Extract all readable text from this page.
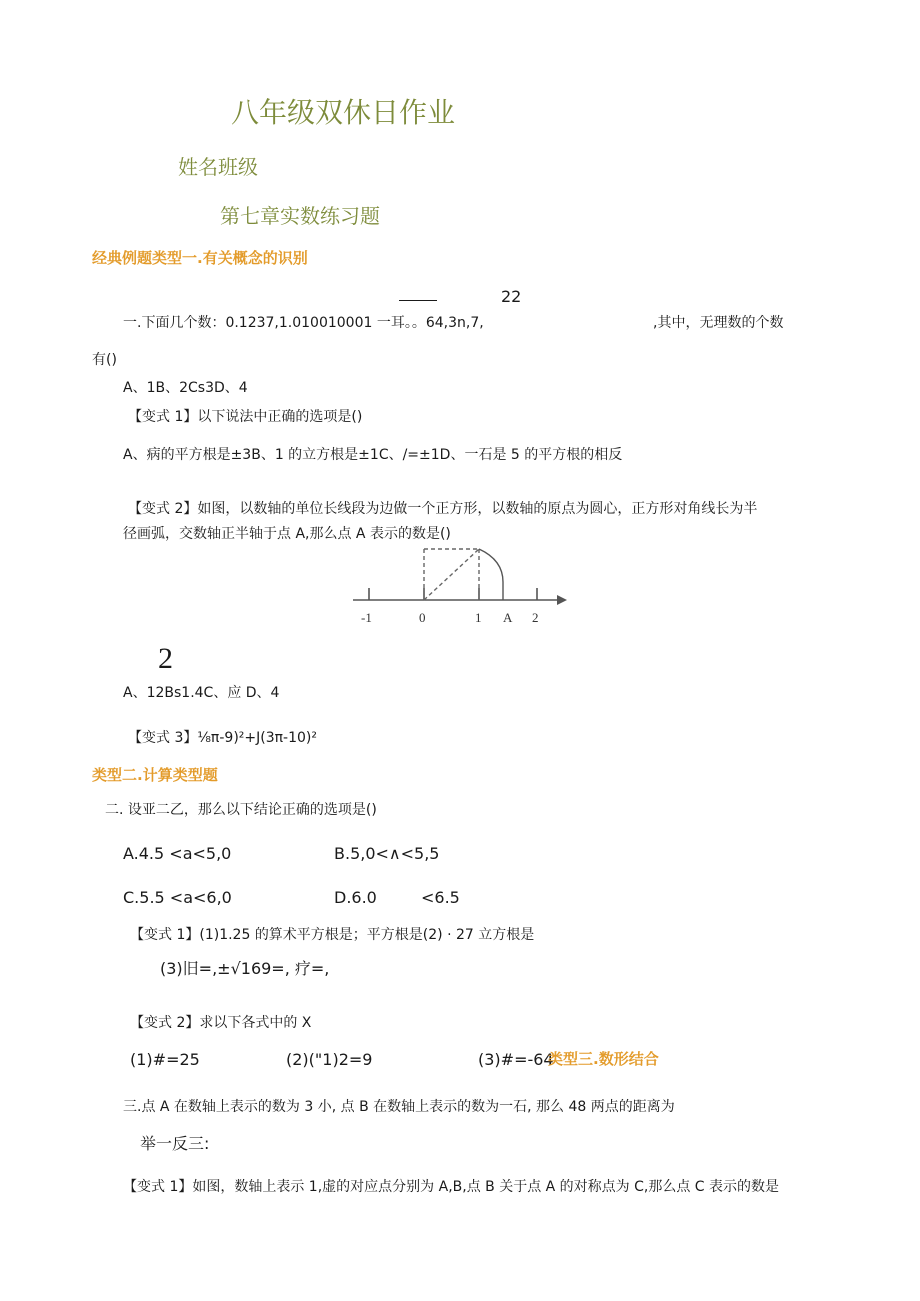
八年级双休日作业
姓名班级
第七章实数练习题
经典例题类型一.有关概念的识别
22
一.下面几个数：0.1237,1.010010001 一耳。。64,3n,7,	,其中，无理数的个数
有()
A、1B、2Cs3D、4
【变式 1】以下说法中正确的选项是()
A、病的平方根是±3B、1 的立方根是±1C、/=±1D、一石是 5 的平方根的相反
【变式 2】如图，以数轴的单位长线段为边做一个正方形，以数轴的原点为圆心，正方形对角线长为半
径画弧，交数轴正半轴于点 A,那么点 A 表示的数是()
-1	0	1 A 2
2
A、12Bs1.4C、应 D、4
【变式 3】⅛π-9)²+J(3π-10)²
类型二.计算类型题
二. 设亚二乙，那么以下结论正确的选项是()
A.4.5 <a<5,0	B.5,0<∧<5,5
C.5.5 <a<6,0	D.6.0	<6.5
【变式 1】(1)1.25 的算术平方根是；平方根是(2) · 27 立方根是
(3)旧=,±√169=, 疗=,
【变式 2】求以下各式中的 X
(1)#=25	(2)("1)2=9	(3)#=-64
类型三.数形结合
三.点 A 在数轴上表示的数为 3 小, 点 B 在数轴上表示的数为一石, 那么 48 两点的距离为
举一反三:
【变式 1】如图，数轴上表示 1,虚的对应点分别为 A,B,点 B 关于点 A 的对称点为 C,那么点 C 表示的数是
